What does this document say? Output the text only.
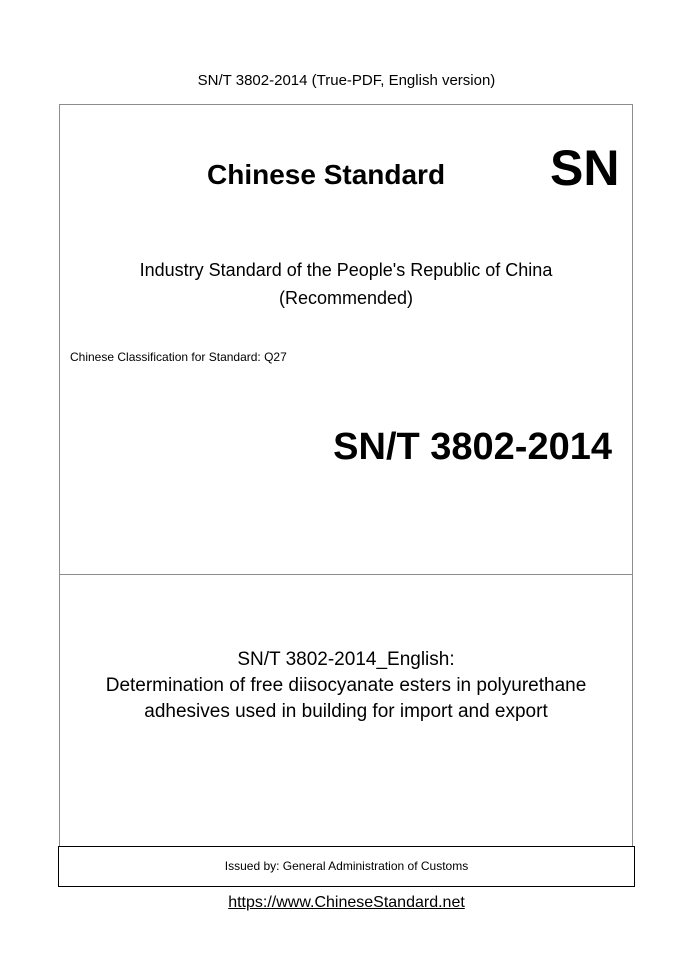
SN/T 3802-2014 (True-PDF, English version)
Chinese Standard SN
Industry Standard of the People's Republic of China
(Recommended)
Chinese Classification for Standard: Q27
SN/T 3802-2014
SN/T 3802-2014_English:
Determination of free diisocyanate esters in polyurethane
adhesives used in building for import and export
Issued by: General Administration of Customs
https://www.ChineseStandard.net
